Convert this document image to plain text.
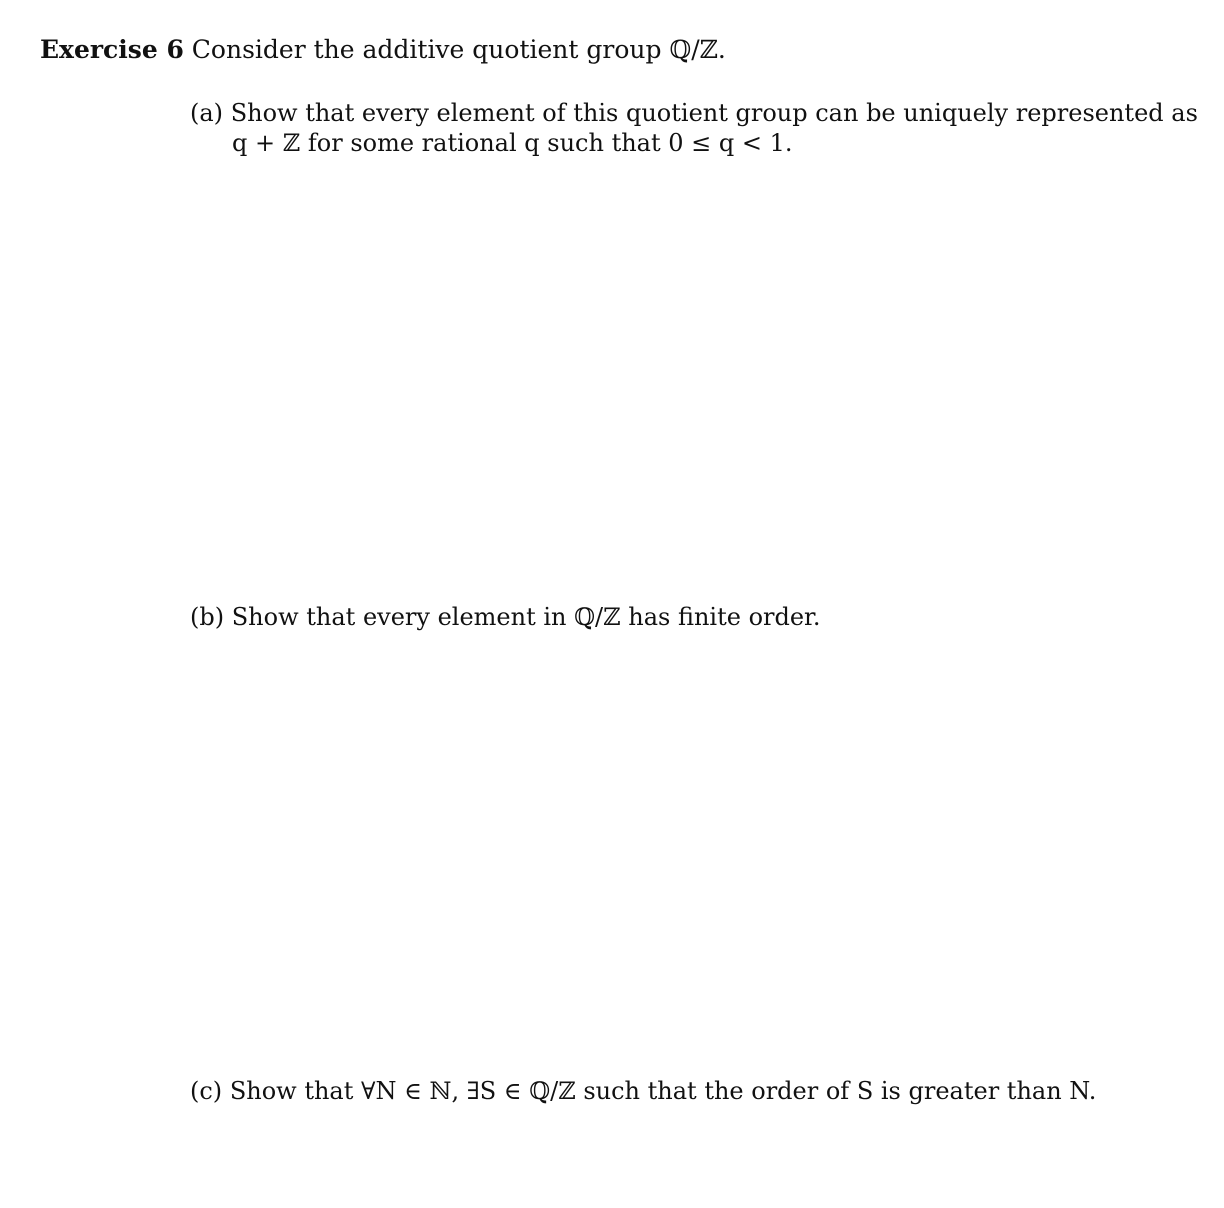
Exercise 6 Consider the additive quotient group ℚ/ℤ.
(a) Show that every element of this quotient group can be uniquely represented as
q + ℤ for some rational q such that 0 ≤ q < 1.
(b) Show that every element in ℚ/ℤ has finite order.
(c) Show that ∀N ∈ ℕ, ∃S ∈ ℚ/ℤ such that the order of S is greater than N.
